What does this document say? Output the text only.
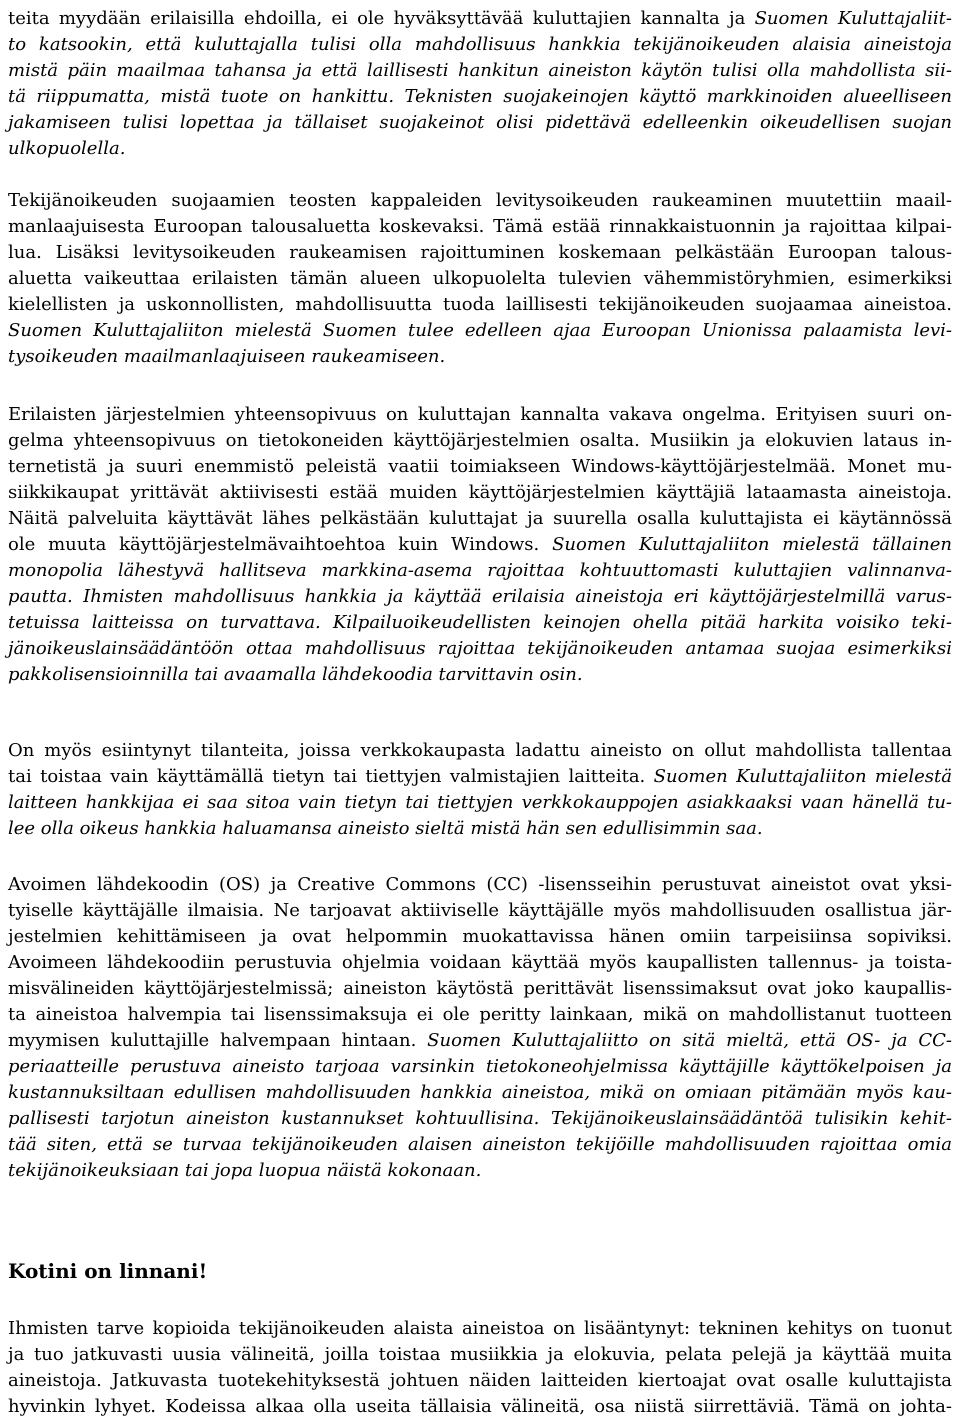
teita myydään erilaisilla ehdoilla, ei ole hyväksyttävää kuluttajien kannalta ja Suomen Kuluttajaliit-
to katsookin, että kuluttajalla tulisi olla mahdollisuus hankkia tekijänoikeuden alaisia aineistoja
mistä päin maailmaa tahansa ja että laillisesti hankitun aineiston käytön tulisi olla mahdollista sii-
tä riippumatta, mistä tuote on hankittu. Teknisten suojakeinojen käyttö markkinoiden alueelliseen
jakamiseen tulisi lopettaa ja tällaiset suojakeinot olisi pidettävä edelleenkin oikeudellisen suojan
ulkopuolella.
Tekijänoikeuden suojaamien teosten kappaleiden levitysoikeuden raukeaminen muutettiin maail-
manlaajuisesta Euroopan talousaluetta koskevaksi. Tämä estää rinnakkaistuonnin ja rajoittaa kilpai-
lua. Lisäksi levitysoikeuden raukeamisen rajoittuminen koskemaan pelkästään Euroopan talous-
aluetta vaikeuttaa erilaisten tämän alueen ulkopuolelta tulevien vähemmistöryhmien, esimerkiksi
kielellisten ja uskonnollisten, mahdollisuutta tuoda laillisesti tekijänoikeuden suojaamaa aineistoa.
Suomen Kuluttajaliiton mielestä Suomen tulee edelleen ajaa Euroopan Unionissa palaamista levi-
tysoikeuden maailmanlaajuiseen raukeamiseen.
Erilaisten järjestelmien yhteensopivuus on kuluttajan kannalta vakava ongelma. Erityisen suuri on-
gelma yhteensopivuus on tietokoneiden käyttöjärjestelmien osalta. Musiikin ja elokuvien lataus in-
ternetistä ja suuri enemmistö peleistä vaatii toimiakseen Windows-käyttöjärjestelmää. Monet mu-
siikkikaupat yrittävät aktiivisesti estää muiden käyttöjärjestelmien käyttäjiä lataamasta aineistoja.
Näitä palveluita käyttävät lähes pelkästään kuluttajat ja suurella osalla kuluttajista ei käytännössä
ole muuta käyttöjärjestelmävaihtoehtoa kuin Windows. Suomen Kuluttajaliiton mielestä tällainen
monopolia lähestyvä hallitseva markkina-asema rajoittaa kohtuuttomasti kuluttajien valinnanva-
pautta. Ihmisten mahdollisuus hankkia ja käyttää erilaisia aineistoja eri käyttöjärjestelmillä varus-
tetuissa laitteissa on turvattava. Kilpailuoikeudellisten keinojen ohella pitää harkita voisiko teki-
jänoikeuslainsäädäntöön ottaa mahdollisuus rajoittaa tekijänoikeuden antamaa suojaa esimerkiksi
pakkolisensioinnilla tai avaamalla lähdekoodia tarvittavin osin.
On myös esiintynyt tilanteita, joissa verkkokaupasta ladattu aineisto on ollut mahdollista tallentaa
tai toistaa vain käyttämällä tietyn tai tiettyjen valmistajien laitteita. Suomen Kuluttajaliiton mielestä
laitteen hankkijaa ei saa sitoa vain tietyn tai tiettyjen verkkokauppojen asiakkaaksi vaan hänellä tu-
lee olla oikeus hankkia haluamansa aineisto sieltä mistä hän sen edullisimmin saa.
Avoimen lähdekoodin (OS) ja Creative Commons (CC) -lisensseihin perustuvat aineistot ovat yksi-
tyiselle käyttäjälle ilmaisia. Ne tarjoavat aktiiviselle käyttäjälle myös mahdollisuuden osallistua jär-
jestelmien kehittämiseen ja ovat helpommin muokattavissa hänen omiin tarpeisiinsa sopiviksi.
Avoimeen lähdekoodiin perustuvia ohjelmia voidaan käyttää myös kaupallisten tallennus- ja toista-
misvälineiden käyttöjärjestelmissä; aineiston käytöstä perittävät lisenssimaksut ovat joko kaupallis-
ta aineistoa halvempia tai lisenssimaksuja ei ole peritty lainkaan, mikä on mahdollistanut tuotteen
myymisen kuluttajille halvempaan hintaan. Suomen Kuluttajaliitto on sitä mieltä, että OS- ja CC-
periaatteille perustuva aineisto tarjoaa varsinkin tietokoneohjelmissa käyttäjille käyttökelpoisen ja
kustannuksiltaan edullisen mahdollisuuden hankkia aineistoa, mikä on omiaan pitämään myös kau-
pallisesti tarjotun aineiston kustannukset kohtuullisina. Tekijänoikeuslainsäädäntöä tulisikin kehit-
tää siten, että se turvaa tekijänoikeuden alaisen aineiston tekijöille mahdollisuuden rajoittaa omia
tekijänoikeuksiaan tai jopa luopua näistä kokonaan.
Kotini on linnani!
Ihmisten tarve kopioida tekijänoikeuden alaista aineistoa on lisääntynyt: tekninen kehitys on tuonut
ja tuo jatkuvasti uusia välineitä, joilla toistaa musiikkia ja elokuvia, pelata pelejä ja käyttää muita
aineistoja. Jatkuvasta tuotekehityksestä johtuen näiden laitteiden kiertoajat ovat osalle kuluttajista
hyvinkin lyhyet. Kodeissa alkaa olla useita tällaisia välineitä, osa niistä siirrettäviä. Tämä on johta-
